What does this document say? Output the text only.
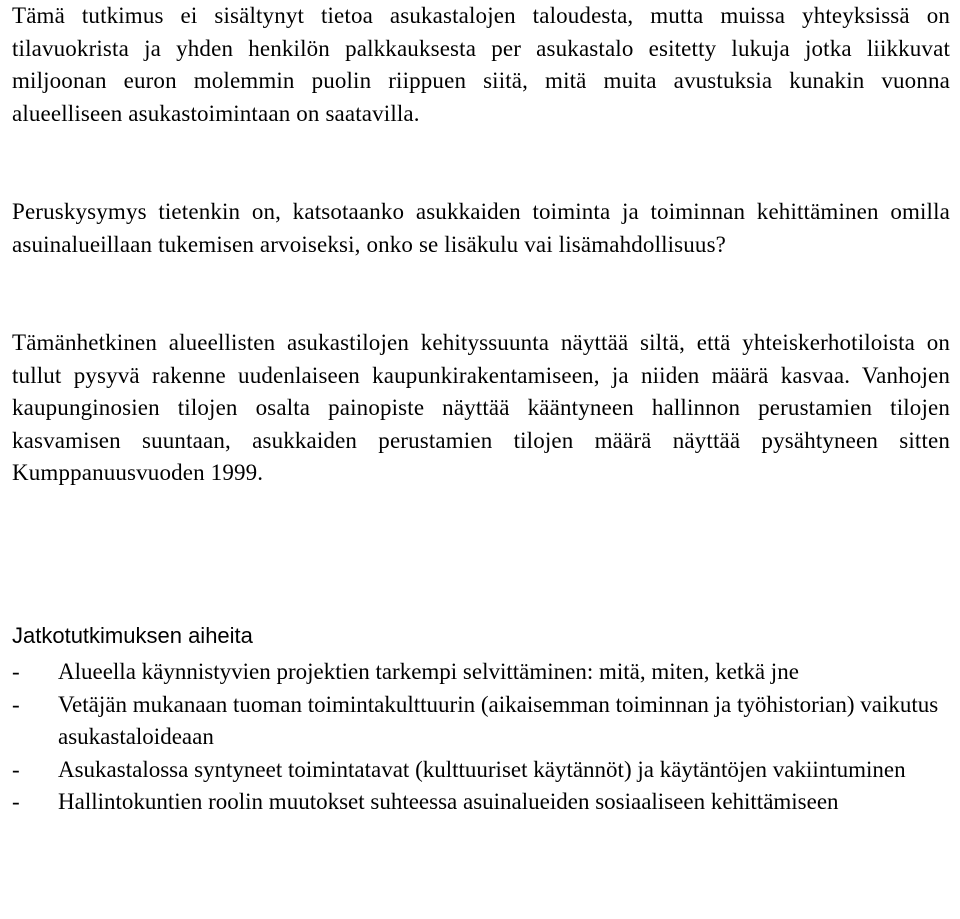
Tämä tutkimus ei sisältynyt tietoa asukastalojen taloudesta, mutta muissa yhteyksissä on tilavuokrista ja yhden henkilön palkkauksesta per asukastalo esitetty lukuja jotka liikkuvat miljoonan euron molemmin puolin riippuen siitä, mitä muita avustuksia kunakin vuonna alueelliseen asukastoimintaan on saatavilla.

Peruskysymys tietenkin on, katsotaanko asukkaiden toiminta ja toiminnan kehittäminen omilla asuinalueillaan tukemisen arvoiseksi, onko se lisäkulu vai lisämahdollisuus?

Tämänhetkinen alueellisten asukastilojen kehityssuunta näyttää siltä, että yhteiskerhotiloista on tullut pysyvä rakenne uudenlaiseen kaupunkirakentamiseen, ja niiden määrä kasvaa. Vanhojen kaupunginosien tilojen osalta painopiste näyttää kääntyneen hallinnon perustamien tilojen kasvamisen suuntaan, asukkaiden perustamien tilojen määrä näyttää pysähtyneen sitten Kumppanuusvuoden 1999.

Jatkotutkimuksen aiheita
-	Alueella käynnistyvien projektien tarkempi selvittäminen: mitä, miten, ketkä jne
-	Vetäjän mukanaan tuoman toimintakulttuurin (aikaisemman toiminnan ja työhistorian) vaikutus asukastaloideaan
-	Asukastalossa syntyneet toimintatavat (kulttuuriset käytännöt) ja käytäntöjen vakiintuminen
-	Hallintokuntien roolin muutokset suhteessa asuinalueiden sosiaaliseen kehittämiseen
